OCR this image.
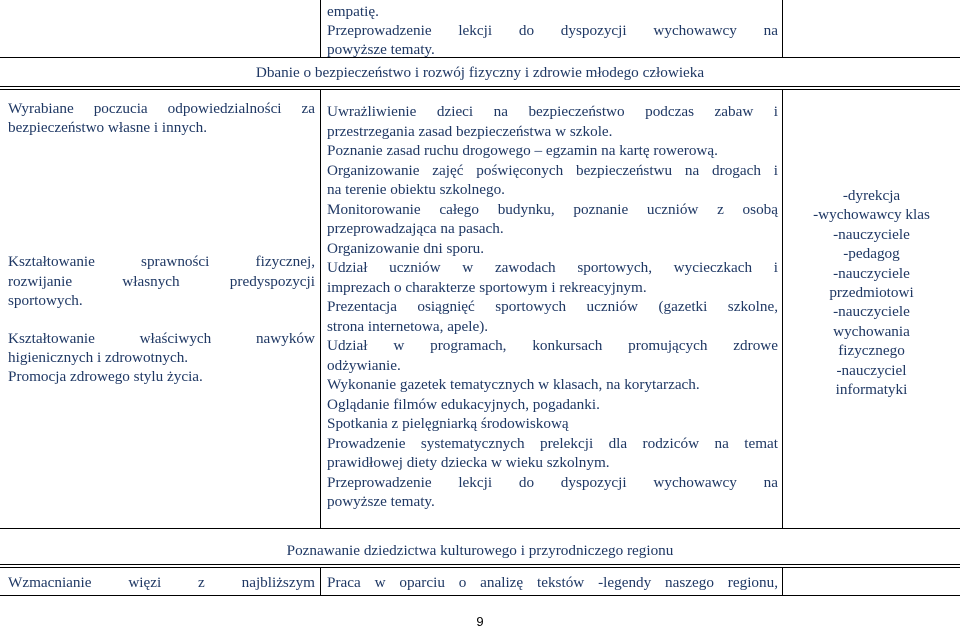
empatię.

Przeprowadzenie lekcji do dyspozycji wychowawcy na

powyższe tematy.

Dbanie o bezpieczeństwo i rozwój fizyczny i zdrowie młodego człowieka

Wyrabiane poczucia odpowiedzialności za

bezpieczeństwo własne i innych.

Kształtowanie sprawności fizycznej,

rozwijanie własnych predyspozycji

sportowych.

Kształtowanie właściwych nawyków

higienicznych i zdrowotnych.

Promocja zdrowego stylu życia.

Uwrażliwienie dzieci na bezpieczeństwo podczas zabaw i

przestrzegania zasad bezpieczeństwa w szkole.

Poznanie zasad ruchu drogowego – egzamin na kartę rowerową.

Organizowanie zajęć poświęconych bezpieczeństwu na drogach i

na terenie obiektu szkolnego.

Monitorowanie całego budynku, poznanie uczniów z osobą

przeprowadzająca na pasach.

Organizowanie dni sporu.

Udział uczniów w zawodach sportowych, wycieczkach i

imprezach o charakterze sportowym i rekreacyjnym.

Prezentacja osiągnięć sportowych uczniów (gazetki szkolne,

strona internetowa, apele).

Udział w programach, konkursach promujących zdrowe

odżywianie.

Wykonanie gazetek tematycznych w klasach, na korytarzach.

Oglądanie filmów edukacyjnych, pogadanki.

Spotkania z pielęgniarką środowiskową

Prowadzenie systematycznych prelekcji dla rodziców na temat

prawidłowej diety dziecka w wieku szkolnym.

Przeprowadzenie lekcji do dyspozycji wychowawcy na

powyższe tematy.

-dyrekcja

-wychowawcy klas

-nauczyciele

-pedagog

-nauczyciele

przedmiotowi

-nauczyciele

wychowania

fizycznego

-nauczyciel

informatyki

Poznawanie dziedzictwa kulturowego i przyrodniczego regionu

Wzmacnianie więzi z najbliższym Praca w oparciu o analizę tekstów -legendy naszego regionu,

9
